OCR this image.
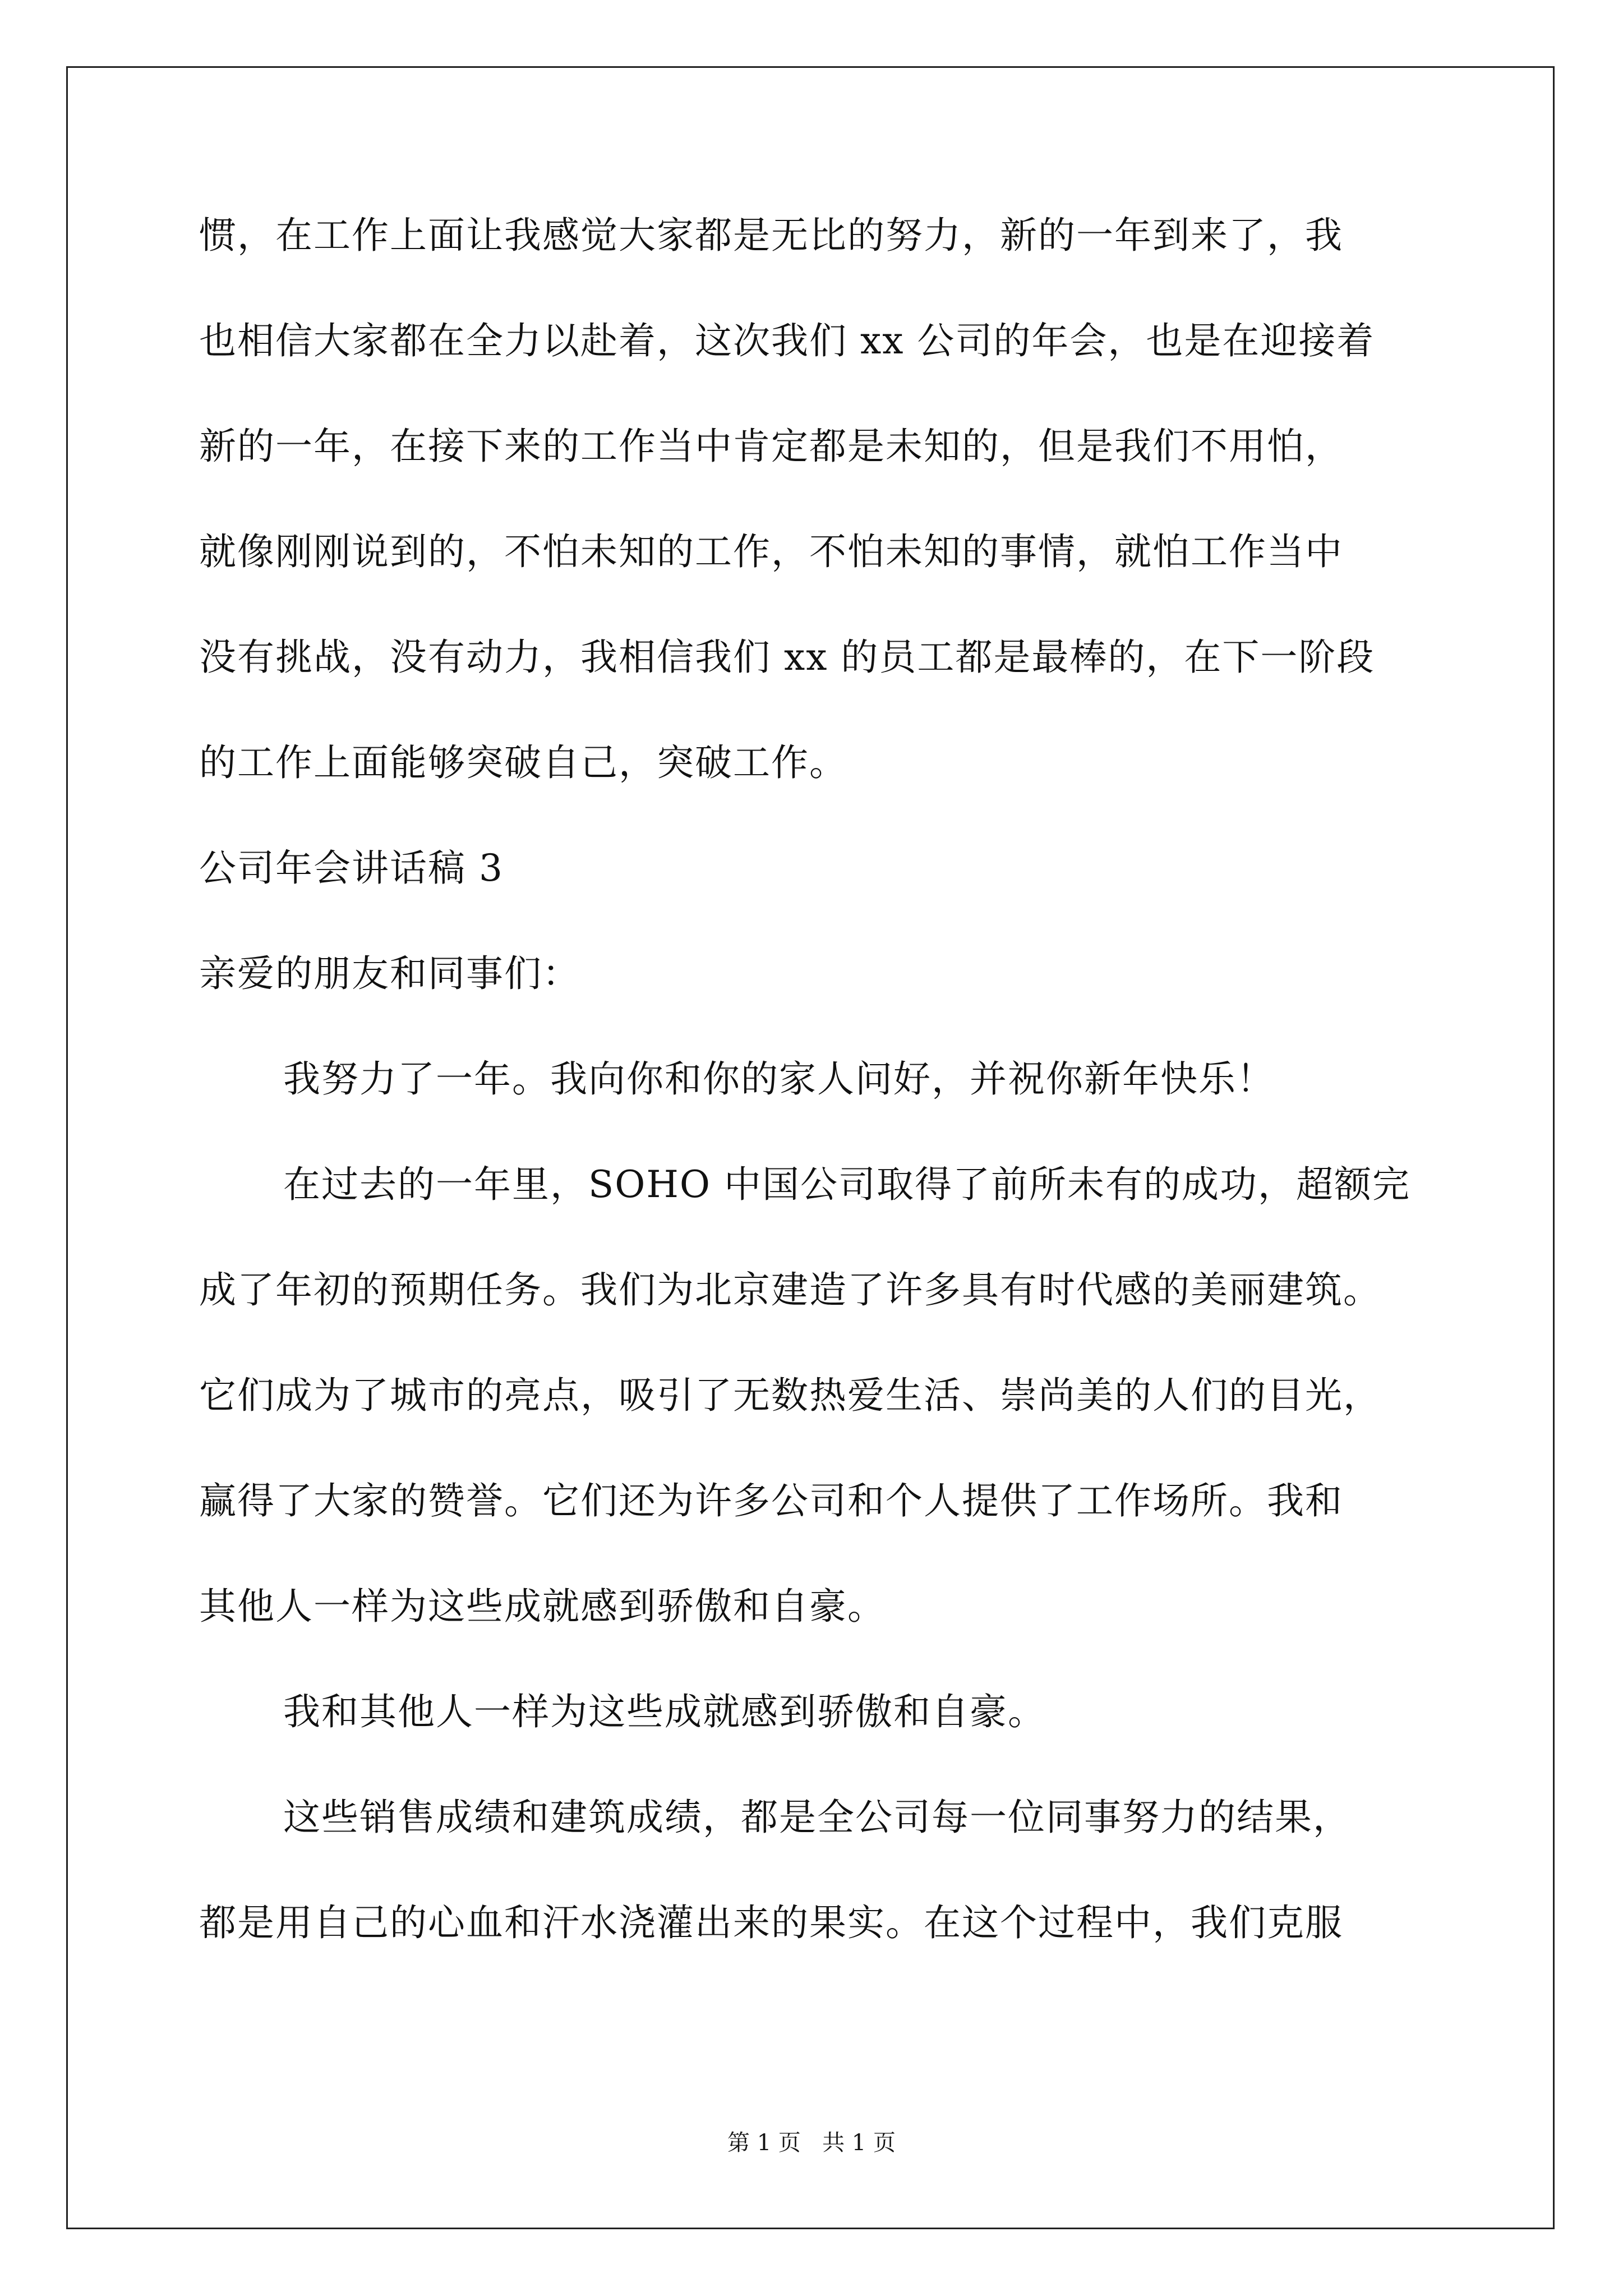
惯，在工作上面让我感觉大家都是无比的努力，新的一年到来了，我
也相信大家都在全力以赴着，这次我们 xx 公司的年会，也是在迎接着
新的一年，在接下来的工作当中肯定都是未知的，但是我们不用怕，
就像刚刚说到的，不怕未知的工作，不怕未知的事情，就怕工作当中
没有挑战，没有动力，我相信我们 xx 的员工都是最棒的，在下一阶段
的工作上面能够突破自己，突破工作。
公司年会讲话稿 3
亲爱的朋友和同事们：
我努力了一年。我向你和你的家人问好，并祝你新年快乐！
在过去的一年里，SOHO 中国公司取得了前所未有的成功，超额完
成了年初的预期任务。我们为北京建造了许多具有时代感的美丽建筑。
它们成为了城市的亮点，吸引了无数热爱生活、崇尚美的人们的目光，
赢得了大家的赞誉。它们还为许多公司和个人提供了工作场所。我和
其他人一样为这些成就感到骄傲和自豪。
我和其他人一样为这些成就感到骄傲和自豪。
这些销售成绩和建筑成绩，都是全公司每一位同事努力的结果，
都是用自己的心血和汗水浇灌出来的果实。在这个过程中，我们克服
第 1 页   共 1 页
